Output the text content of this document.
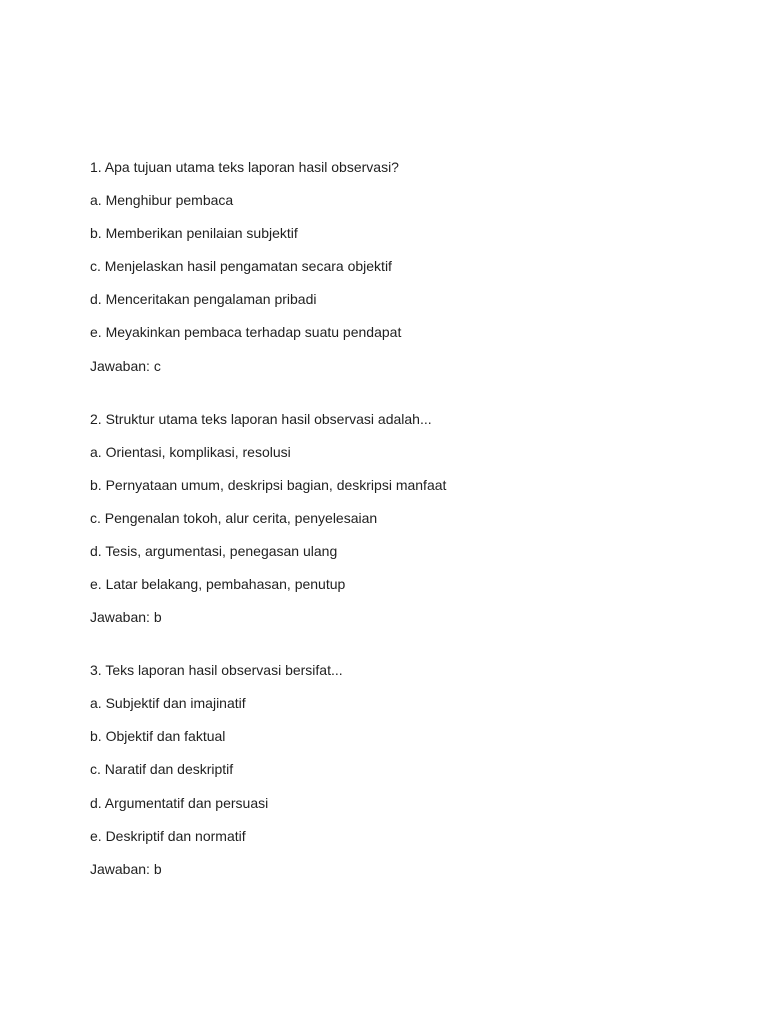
1. Apa tujuan utama teks laporan hasil observasi?
a. Menghibur pembaca
b. Memberikan penilaian subjektif
c. Menjelaskan hasil pengamatan secara objektif
d. Menceritakan pengalaman pribadi
e. Meyakinkan pembaca terhadap suatu pendapat
Jawaban: c
2. Struktur utama teks laporan hasil observasi adalah...
a. Orientasi, komplikasi, resolusi
b. Pernyataan umum, deskripsi bagian, deskripsi manfaat
c. Pengenalan tokoh, alur cerita, penyelesaian
d. Tesis, argumentasi, penegasan ulang
e. Latar belakang, pembahasan, penutup
Jawaban: b
3. Teks laporan hasil observasi bersifat...
a. Subjektif dan imajinatif
b. Objektif dan faktual
c. Naratif dan deskriptif
d. Argumentatif dan persuasi
e. Deskriptif dan normatif
Jawaban: b
